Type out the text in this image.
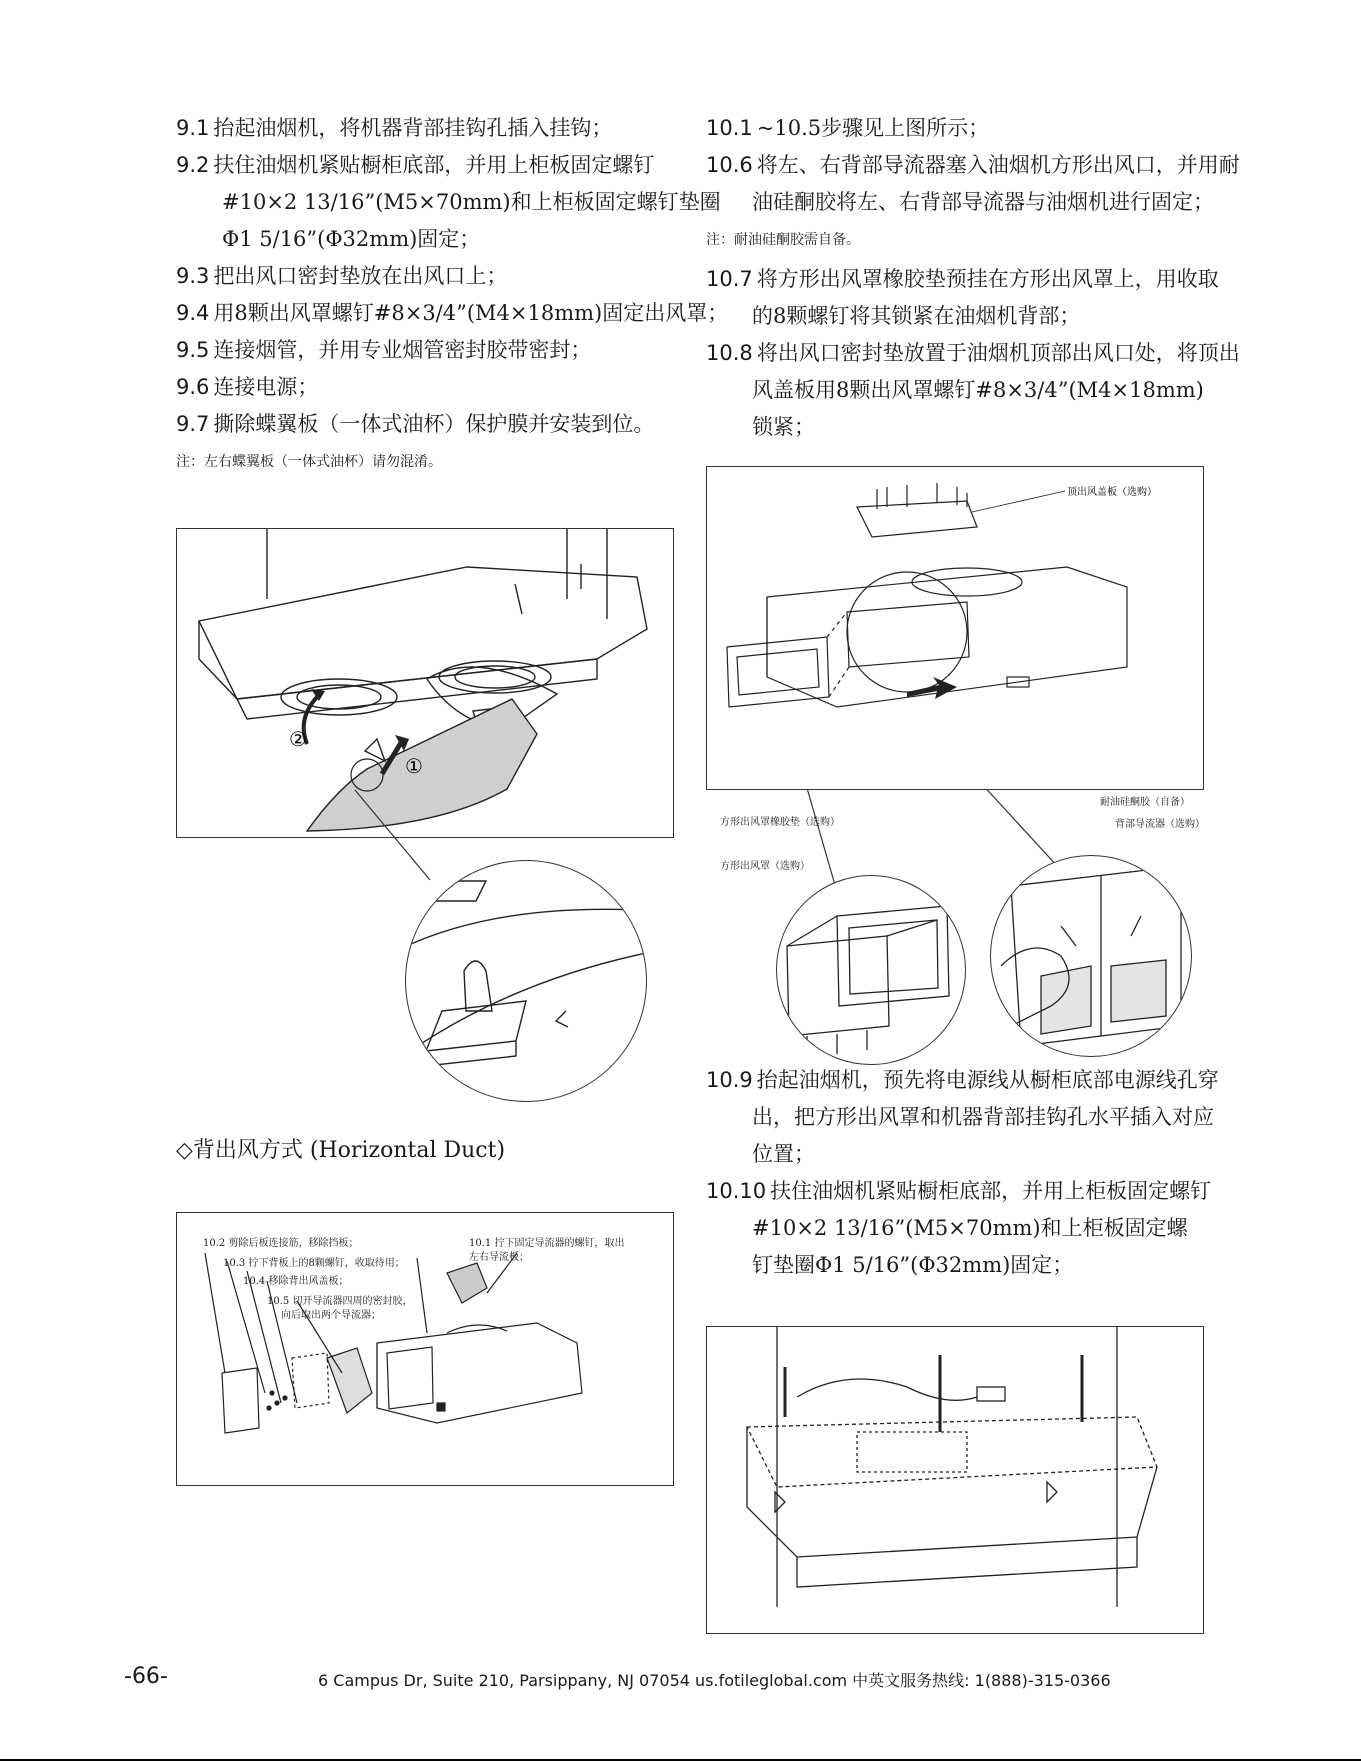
9.1 抬起油烟机，将机器背部挂钩孔插入挂钩；
9.2 扶住油烟机紧贴橱柜底部，并用上柜板固定螺钉
#10×2 13/16”(M5×70mm)和上柜板固定螺钉垫圈
Φ1 5/16”(Φ32mm)固定；
9.3 把出风口密封垫放在出风口上；
9.4 用8颗出风罩螺钉#8×3/4”(M4×18mm)固定出风罩；
9.5 连接烟管，并用专业烟管密封胶带密封；
9.6 连接电源；
9.7 撕除蝶翼板（一体式油杯）保护膜并安装到位。
注：左右蝶翼板（一体式油杯）请勿混淆。
②
①
◇背出风方式 (Horizontal Duct)
10.2 剪除后板连接筋，移除挡板；
10.3 拧下背板上的8颗螺钉，收取待用；
10.4 移除背出风盖板；
10.5 切开导流器四周的密封胶，
向后取出两个导流器；
10.1 拧下固定导流器的螺钉，取出
左右导流板；
10.1 ~10.5步骤见上图所示；
10.6 将左、右背部导流器塞入油烟机方形出风口，并用耐
油硅酮胶将左、右背部导流器与油烟机进行固定；
注：耐油硅酮胶需自备。
10.7 将方形出风罩橡胶垫预挂在方形出风罩上，用收取
的8颗螺钉将其锁紧在油烟机背部；
10.8 将出风口密封垫放置于油烟机顶部出风口处，将顶出
风盖板用8颗出风罩螺钉#8×3/4”(M4×18mm)
锁紧；
顶出风盖板（选购）
方形出风罩橡胶垫（选购）
方形出风罩（选购）
耐油硅酮胶（自备）
背部导流器（选购）
10.9 抬起油烟机，预先将电源线从橱柜底部电源线孔穿
出，把方形出风罩和机器背部挂钩孔水平插入对应
位置；
10.10 扶住油烟机紧贴橱柜底部，并用上柜板固定螺钉
#10×2 13/16”(M5×70mm)和上柜板固定螺
钉垫圈Φ1 5/16”(Φ32mm)固定；
-66-	6 Campus Dr, Suite 210, Parsippany, NJ 07054 us.fotileglobal.com 中英文服务热线: 1(888)-315-0366
